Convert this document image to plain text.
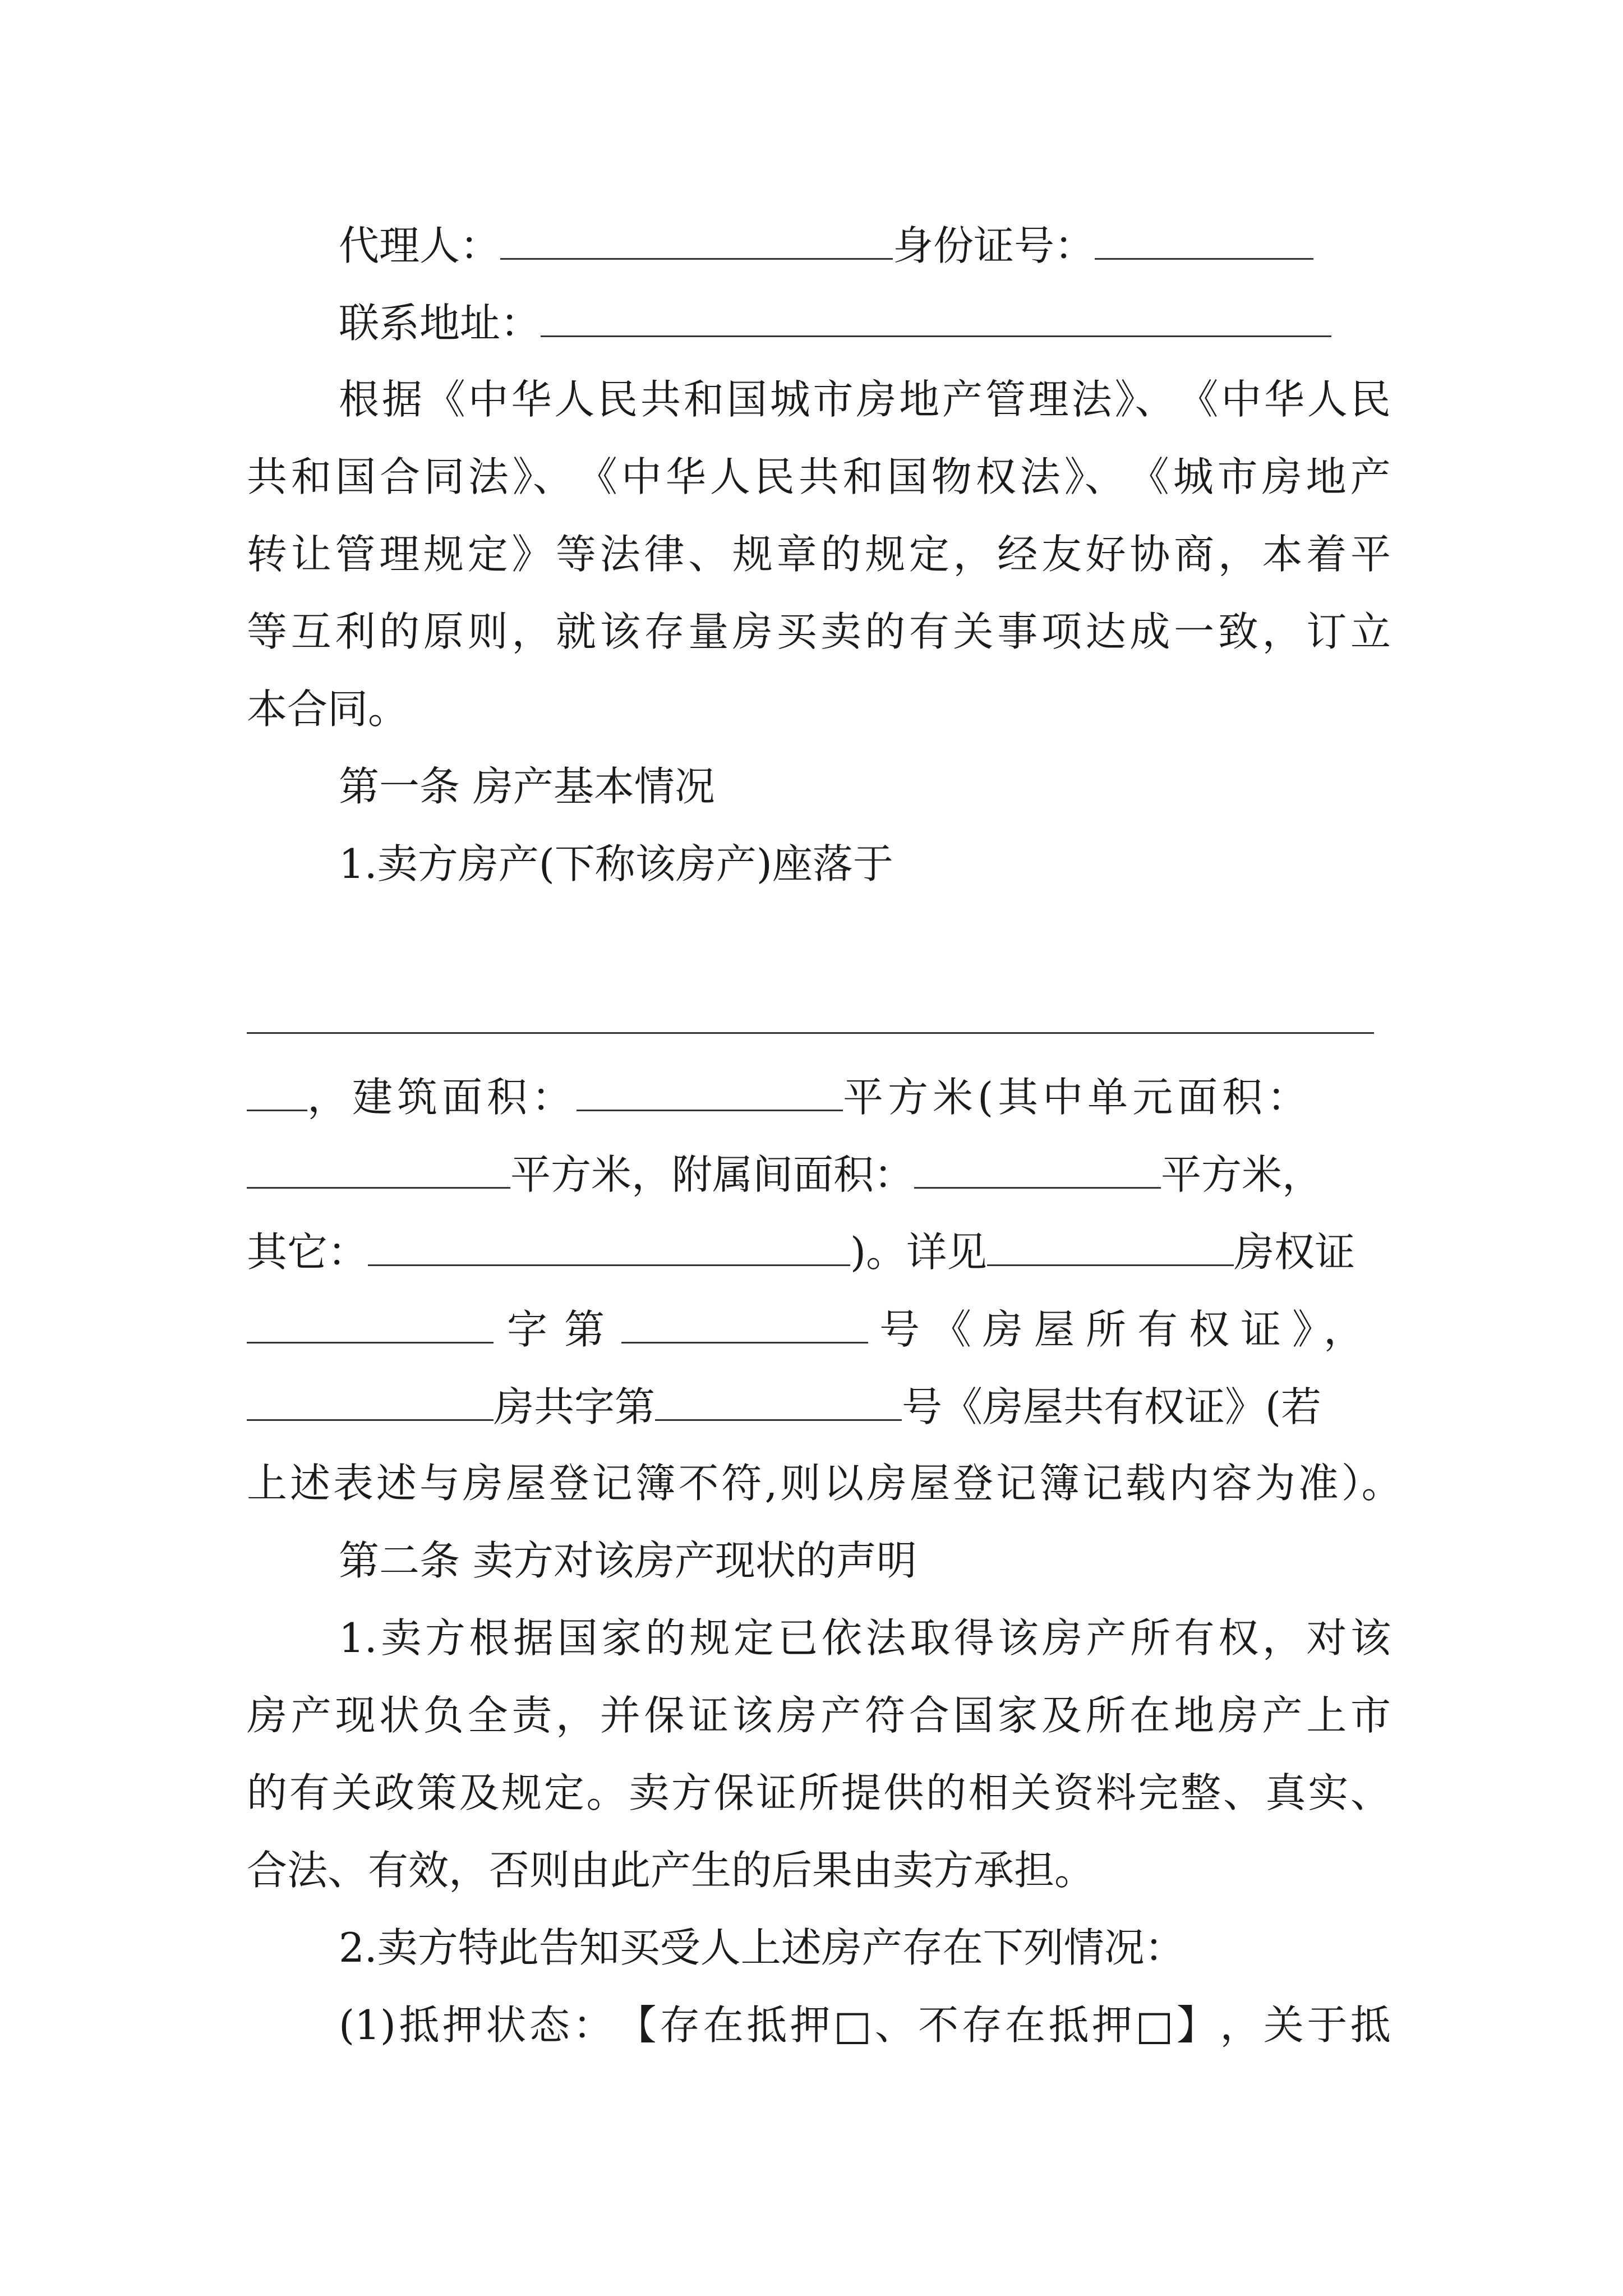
代理人：	身份证号：
联系地址：
根 据 《 中 华 人 民 共 和 国 城 市 房 地 产 管 理 法 》、 《 中 华 人 民
共 和 国 合 同 法 》、 《 中 华 人 民 共 和 国 物 权 法 》、 《 城 市 房 地 产
转 让 管 理 规 定 》 等 法 律 、 规 章 的 规 定 ， 经 友 好 协 商 ， 本 着 平
等 互 利 的 原 则 ， 就 该 存 量 房 买 卖 的 有 关 事 项 达 成 一 致 ， 订 立
本合同。
第一条 房产基本情况
1.卖方房产(下称该房产)座落于
，建筑面积：	平方米(其中单元面积：
平方米，附属间面积：	平方米，
其它：	)。详见	房权证
字第	号《房屋所有权证》，
房共字第	号《房屋共有权证》(若
上 述 表 述 与 房 屋 登 记 簿 不 符 , 则 以 房 屋 登 记 簿 记 载 内 容 为 准 ）。
第二条 卖方对该房产现状的声明
1. 卖 方 根 据 国 家 的 规 定 已 依 法 取 得 该 房 产 所 有 权 ， 对 该
房 产 现 状 负 全 责 ， 并 保 证 该 房 产 符 合 国 家 及 所 在 地 房 产 上 市
的 有 关 政 策 及 规 定 。 卖 方 保 证 所 提 供 的 相 关 资 料 完 整 、 真 实 、
合法、有效，否则由此产生的后果由卖方承担。
2.卖方特此告知买受人上述房产存在下列情况：
(1) 抵 押 状 态 ： 【 存 在 抵 押 □ 、 不 存 在 抵 押 □ 】 ， 关 于 抵
